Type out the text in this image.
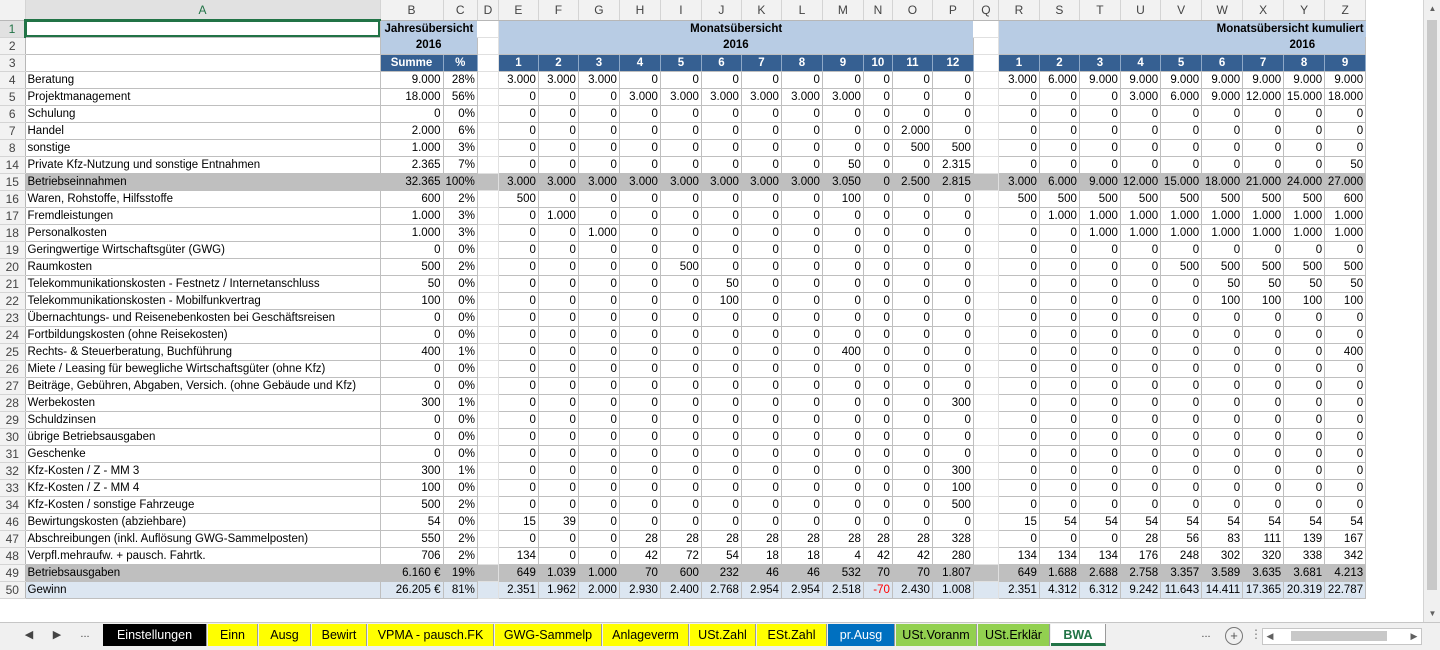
	A	B	C	D	E	F	G	H	I	J	K	L	M	N	O	P	Q	R	S	T	U	V	W	X	Y	Z
1		Jahresübersicht			Monatsübersicht													Monatsübersicht kumuliert								
2		2016			2016													2016								
3		Summe	%		1	2	3	4	5	6	7	8	9	10	11	12		1	2	3	4	5	6	7	8	9
4	Beratung	9.000	28%		3.000	3.000	3.000	0	0	0	0	0	0	0	0	0		3.000	6.000	9.000	9.000	9.000	9.000	9.000	9.000	9.000
5	Projektmanagement	18.000	56%		0	0	0	3.000	3.000	3.000	3.000	3.000	3.000	0	0	0		0	0	0	3.000	6.000	9.000	12.000	15.000	18.000
6	Schulung	0	0%		0	0	0	0	0	0	0	0	0	0	0	0		0	0	0	0	0	0	0	0	0
7	Handel	2.000	6%		0	0	0	0	0	0	0	0	0	0	2.000	0		0	0	0	0	0	0	0	0	0
8	sonstige	1.000	3%		0	0	0	0	0	0	0	0	0	0	500	500		0	0	0	0	0	0	0	0	0
14	Private Kfz-Nutzung und sonstige Entnahmen	2.365	7%		0	0	0	0	0	0	0	0	50	0	0	2.315		0	0	0	0	0	0	0	0	50
15	Betriebseinnahmen	32.365	100%		3.000	3.000	3.000	3.000	3.000	3.000	3.000	3.000	3.050	0	2.500	2.815		3.000	6.000	9.000	12.000	15.000	18.000	21.000	24.000	27.000
16	Waren, Rohstoffe, Hilfsstoffe	600	2%		500	0	0	0	0	0	0	0	100	0	0	0		500	500	500	500	500	500	500	500	600
17	Fremdleistungen	1.000	3%		0	1.000	0	0	0	0	0	0	0	0	0	0		0	1.000	1.000	1.000	1.000	1.000	1.000	1.000	1.000
18	Personalkosten	1.000	3%		0	0	1.000	0	0	0	0	0	0	0	0	0		0	0	1.000	1.000	1.000	1.000	1.000	1.000	1.000
19	Geringwertige Wirtschaftsgüter (GWG)	0	0%		0	0	0	0	0	0	0	0	0	0	0	0		0	0	0	0	0	0	0	0	0
20	Raumkosten	500	2%		0	0	0	0	500	0	0	0	0	0	0	0		0	0	0	0	500	500	500	500	500
21	Telekommunikationskosten - Festnetz / Internetanschluss	50	0%		0	0	0	0	0	50	0	0	0	0	0	0		0	0	0	0	0	50	50	50	50
22	Telekommunikationskosten - Mobilfunkvertrag	100	0%		0	0	0	0	0	100	0	0	0	0	0	0		0	0	0	0	0	100	100	100	100
23	Übernachtungs- und Reisenebenkosten bei Geschäftsreisen	0	0%		0	0	0	0	0	0	0	0	0	0	0	0		0	0	0	0	0	0	0	0	0
24	Fortbildungskosten (ohne Reisekosten)	0	0%		0	0	0	0	0	0	0	0	0	0	0	0		0	0	0	0	0	0	0	0	0
25	Rechts- & Steuerberatung, Buchführung	400	1%		0	0	0	0	0	0	0	0	400	0	0	0		0	0	0	0	0	0	0	0	400
26	Miete / Leasing für bewegliche Wirtschaftsgüter (ohne Kfz)	0	0%		0	0	0	0	0	0	0	0	0	0	0	0		0	0	0	0	0	0	0	0	0
27	Beiträge, Gebühren, Abgaben, Versich. (ohne Gebäude und Kfz)	0	0%		0	0	0	0	0	0	0	0	0	0	0	0		0	0	0	0	0	0	0	0	0
28	Werbekosten	300	1%		0	0	0	0	0	0	0	0	0	0	0	300		0	0	0	0	0	0	0	0	0
29	Schuldzinsen	0	0%		0	0	0	0	0	0	0	0	0	0	0	0		0	0	0	0	0	0	0	0	0
30	übrige Betriebsausgaben	0	0%		0	0	0	0	0	0	0	0	0	0	0	0		0	0	0	0	0	0	0	0	0
31	Geschenke	0	0%		0	0	0	0	0	0	0	0	0	0	0	0		0	0	0	0	0	0	0	0	0
32	Kfz-Kosten / Z - MM 3	300	1%		0	0	0	0	0	0	0	0	0	0	0	300		0	0	0	0	0	0	0	0	0
33	Kfz-Kosten / Z - MM 4	100	0%		0	0	0	0	0	0	0	0	0	0	0	100		0	0	0	0	0	0	0	0	0
34	Kfz-Kosten / sonstige Fahrzeuge	500	2%		0	0	0	0	0	0	0	0	0	0	0	500		0	0	0	0	0	0	0	0	0
46	Bewirtungskosten (abziehbare)	54	0%		15	39	0	0	0	0	0	0	0	0	0	0		15	54	54	54	54	54	54	54	54
47	Abschreibungen (inkl. Auflösung GWG-Sammelposten)	550	2%		0	0	0	28	28	28	28	28	28	28	28	328		0	0	0	28	56	83	111	139	167
48	Verpfl.mehraufw. + pausch. Fahrtk.	706	2%		134	0	0	42	72	54	18	18	4	42	42	280		134	134	134	176	248	302	320	338	342
49	Betriebsausgaben	6.160 €	19%		649	1.039	1.000	70	600	232	46	46	532	70	70	1.807		649	1.688	2.688	2.758	3.357	3.589	3.635	3.681	4.213
50	Gewinn	26.205 €	81%		2.351	1.962	2.000	2.930	2.400	2.768	2.954	2.954	2.518	-70	2.430	1.008		2.351	4.312	6.312	9.242	11.643	14.411	17.365	20.319	22.787
▲
▼
◀	▶	...	Einstellungen	Einn	Ausg	Bewirt	VPMA - pausch.FK	GWG-Sammelp	Anlageverm	USt.Zahl	ESt.Zahl	pr.Ausg	USt.Voranm	USt.Erklär	BWA	...	+	⋮ ◀	▶
